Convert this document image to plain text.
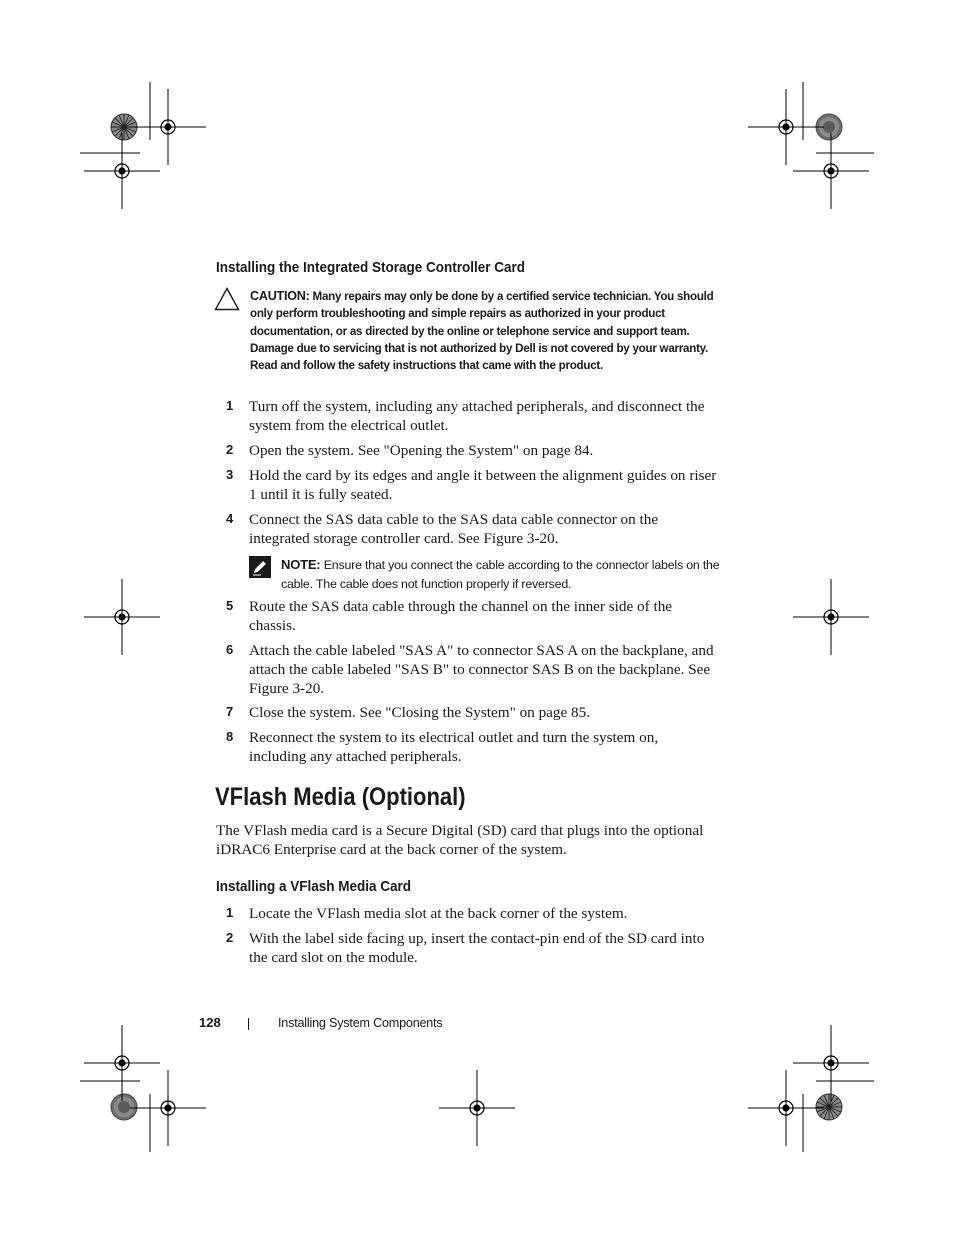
Installing the Integrated Storage Controller Card
CAUTION: Many repairs may only be done by a certified service technician. You should only perform troubleshooting and simple repairs as authorized in your product documentation, or as directed by the online or telephone service and support team. Damage due to servicing that is not authorized by Dell is not covered by your warranty. Read and follow the safety instructions that came with the product.
1 Turn off the system, including any attached peripherals, and disconnect the system from the electrical outlet.
2 Open the system. See "Opening the System" on page 84.
3 Hold the card by its edges and angle it between the alignment guides on riser 1 until it is fully seated.
4 Connect the SAS data cable to the SAS data cable connector on the integrated storage controller card. See Figure 3-20.
NOTE: Ensure that you connect the cable according to the connector labels on the cable. The cable does not function properly if reversed.
5 Route the SAS data cable through the channel on the inner side of the chassis.
6 Attach the cable labeled "SAS A" to connector SAS A on the backplane, and attach the cable labeled "SAS B" to connector SAS B on the backplane. See Figure 3-20.
7 Close the system. See "Closing the System" on page 85.
8 Reconnect the system to its electrical outlet and turn the system on, including any attached peripherals.
VFlash Media (Optional)

The VFlash media card is a Secure Digital (SD) card that plugs into the optional iDRAC6 Enterprise card at the back corner of the system.

Installing a VFlash Media Card
1 Locate the VFlash media slot at the back corner of the system.
2 With the label side facing up, insert the contact-pin end of the SD card into the card slot on the module.
128	Installing System Components
